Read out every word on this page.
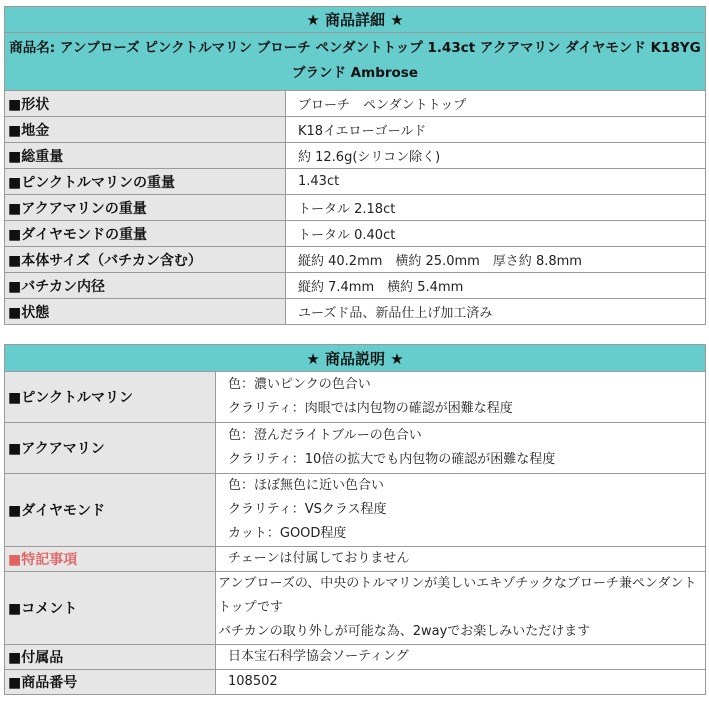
★ 商品詳細 ★	
商品名: アンブローズ ピンクトルマリン ブローチ ペンダントトップ 1.43ct アクアマリン ダイヤモンド K18YG ブランド Ambrose	
■形状	ブローチ　ペンダントトップ
■地金	K18イエローゴールド
■総重量	約 12.6g(シリコン除く)
■ピンクトルマリンの重量	1.43ct
■アクアマリンの重量	トータル 2.18ct
■ダイヤモンドの重量	トータル 0.40ct
■本体サイズ（バチカン含む）	縦約 40.2mm　横約 25.0mm　厚さ約 8.8mm
■バチカン内径	縦約 7.4mm　横約 5.4mm
■状態	ユーズド品、新品仕上げ加工済み
★ 商品説明 ★	
■ピンクトルマリン	色：濃いピンクの色合い
クラリティ：肉眼では内包物の確認が困難な程度

■アクアマリン	色：澄んだライトブルーの色合い
クラリティ：10倍の拡大でも内包物の確認が困難な程度

■ダイヤモンド	色：ほぼ無色に近い色合い
クラリティ：VSクラス程度
カット：GOOD程度

■特記事項	チェーンは付属しておりません
■コメント	アンブローズの、中央のトルマリンが美しいエキゾチックなブローチ兼ペンダントトップです
バチカンの取り外しが可能な為、2wayでお楽しみいただけます

■付属品	日本宝石科学協会ソーティング
■商品番号	108502
